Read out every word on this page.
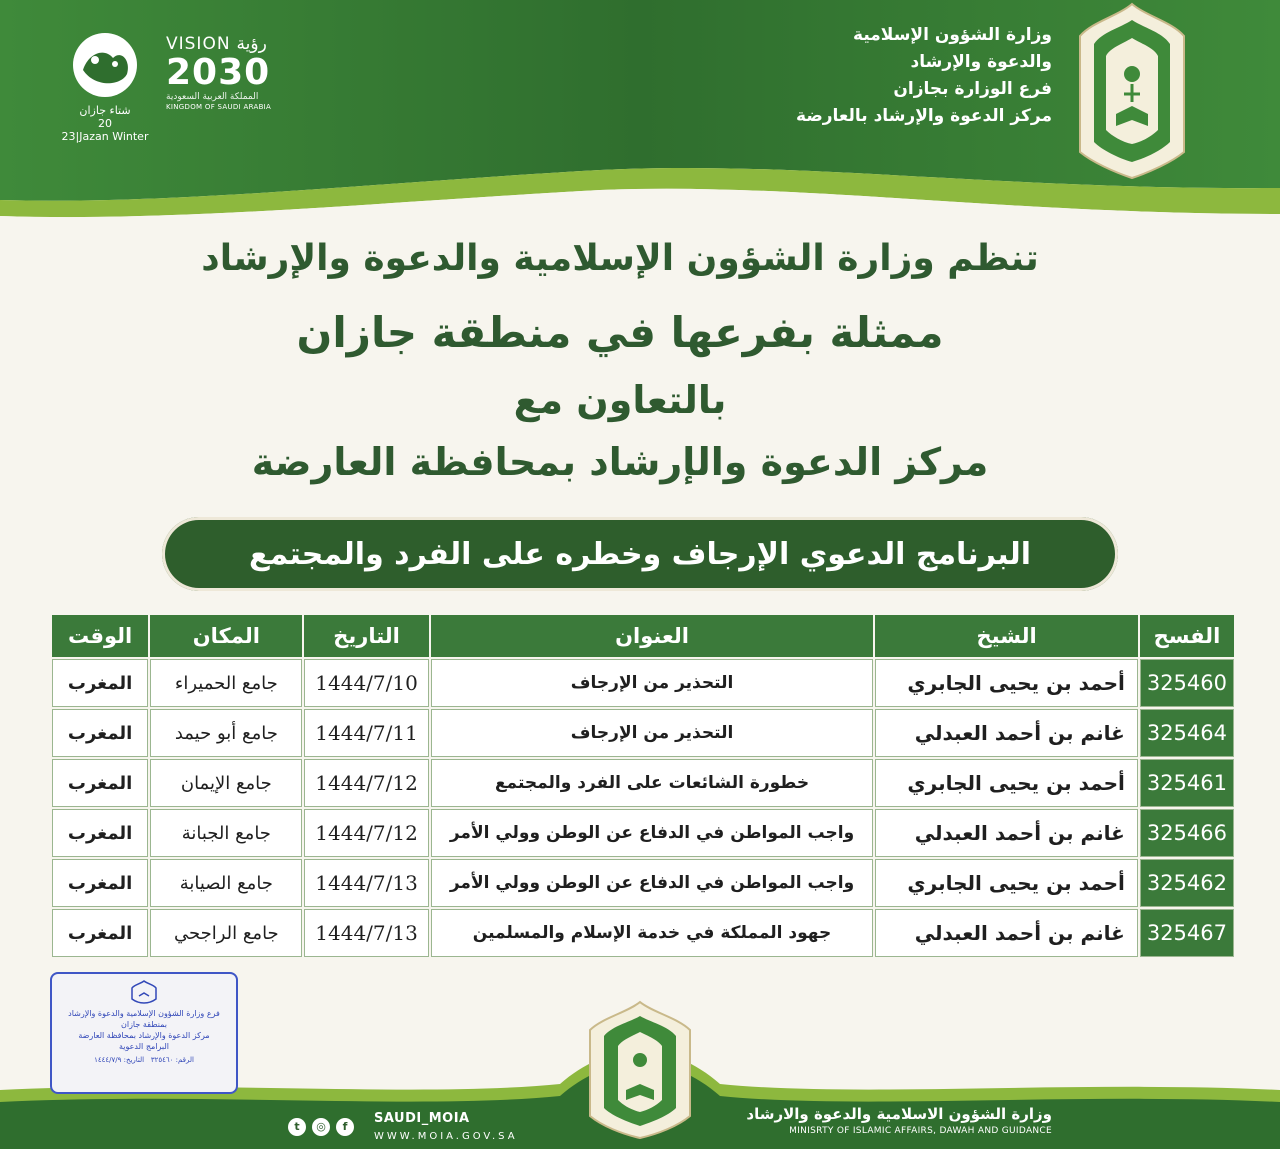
وزارة الشؤون الإسلامية
والدعوة والإرشاد
فرع الوزارة بجازان
مركز الدعوة والإرشاد بالعارضة
VISION رؤية
2030
المملكة العربية السعودية
KINGDOM OF SAUDI ARABIA
شتاء جازان
20
23|Jazan Winter
تنظم وزارة الشؤون الإسلامية والدعوة والإرشاد
ممثلة بفرعها في منطقة جازان
بالتعاون مع
مركز الدعوة والإرشاد بمحافظة العارضة
البرنامج الدعوي الإرجاف وخطره على الفرد والمجتمع
الفسح	الشيخ	العنوان	التاريخ	المكان	الوقت
325460	أحمد بن يحيى الجابري	التحذير من الإرجاف	1444/7/10	جامع الحميراء	المغرب
325464	غانم بن أحمد العبدلي	التحذير من الإرجاف	1444/7/11	جامع أبو حيمد	المغرب
325461	أحمد بن يحيى الجابري	خطورة الشائعات على الفرد والمجتمع	1444/7/12	جامع الإيمان	المغرب
325466	غانم بن أحمد العبدلي	واجب المواطن في الدفاع عن الوطن وولي الأمر	1444/7/12	جامع الجبانة	المغرب
325462	أحمد بن يحيى الجابري	واجب المواطن في الدفاع عن الوطن وولي الأمر	1444/7/13	جامع الصيابة	المغرب
325467	غانم بن أحمد العبدلي	جهود المملكة في خدمة الإسلام والمسلمين	1444/7/13	جامع الراجحي	المغرب
وزارة الشؤون الاسلامية والدعوة والارشاد
MINISRTY OF ISLAMIC AFFAIRS, DAWAH AND GUIDANCE
t	◎	f	SAUDI_MOIA
WWW.MOIA.GOV.SA
فرع وزارة الشؤون الإسلامية والدعوة والإرشاد
بمنطقة جازان
مركز الدعوة والإرشاد بمحافظة العارضة
البرامج الدعوية
الرقم: ٣٢٥٤٦٠   التاريخ: ١٤٤٤/٧/٩
